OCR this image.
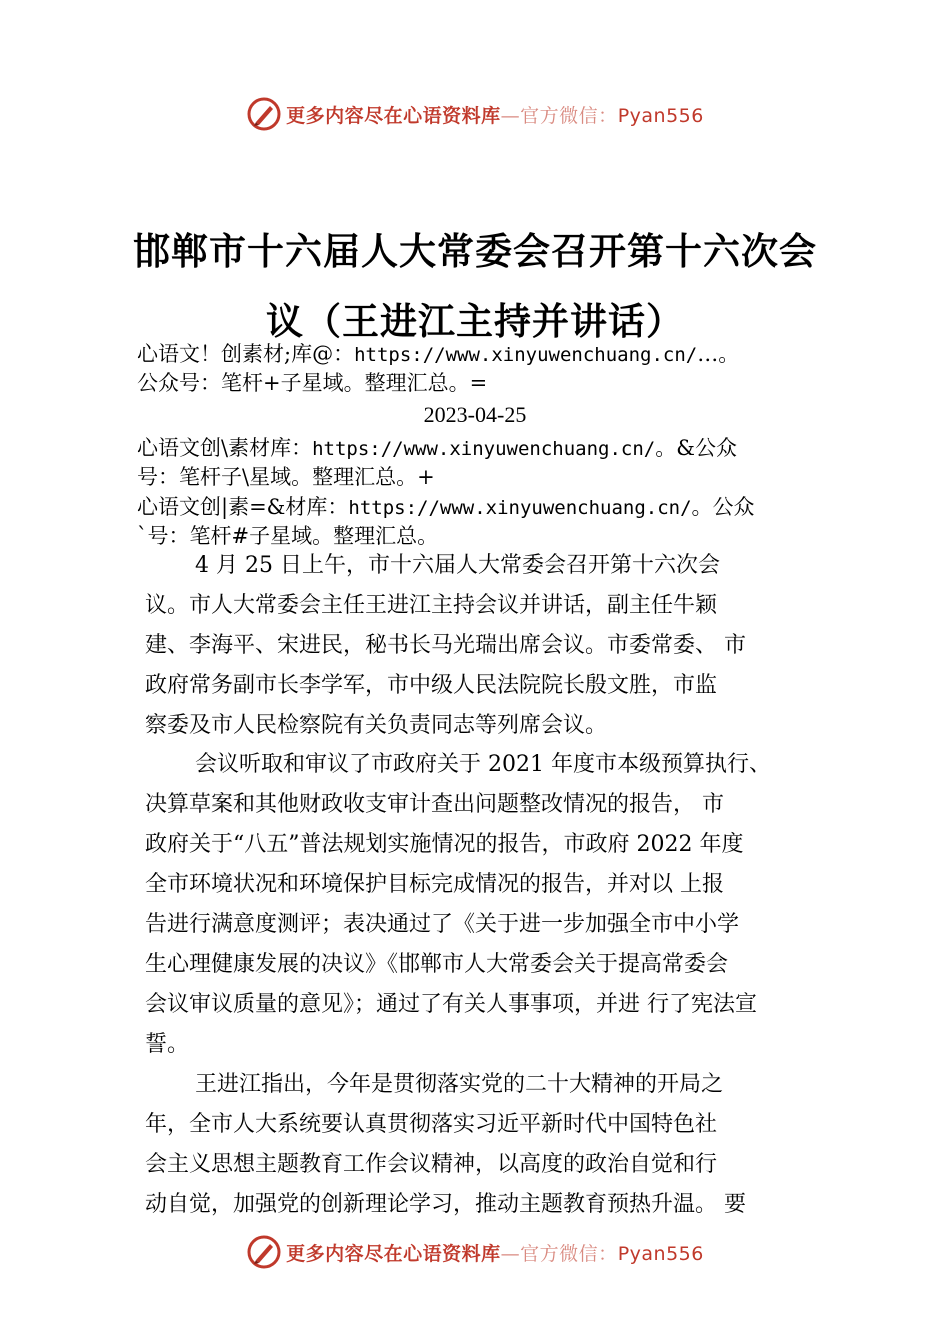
更多内容尽在心语资料库—官方微信：Pyan556
邯郸市十六届人大常委会召开第十六次会
议（王进江主持并讲话）
心语文！创素材;库@：https://www.xinyuwenchuang.cn/…。
公众号：笔杆+子星域。整理汇总。=
2023-04-25
心语文创\素材库：https://www.xinyuwenchuang.cn/。&公众
号：笔杆子\星域。整理汇总。+
心语文创|素=&材库：https://www.xinyuwenchuang.cn/。公众
`号：笔杆#子星域。整理汇总。
4 月 25 日上午，市十六届人大常委会召开第十六次会
议。市人大常委会主任王进江主持会议并讲话，副主任牛颖
建、李海平、宋进民，秘书长马光瑞出席会议。市委常委、 市
政府常务副市长李学军，市中级人民法院院长殷文胜，市监
察委及市人民检察院有关负责同志等列席会议。
会议听取和审议了市政府关于 2021 年度市本级预算执行、
决算草案和其他财政收支审计查出问题整改情况的报告， 市
政府关于“八五”普法规划实施情况的报告，市政府 2022 年度
全市环境状况和环境保护目标完成情况的报告，并对以 上报
告进行满意度测评；表决通过了《关于进一步加强全市中小学
生心理健康发展的决议》《邯郸市人大常委会关于提高常委会
会议审议质量的意见》；通过了有关人事事项，并进 行了宪法宣
誓。
王进江指出，今年是贯彻落实党的二十大精神的开局之
年，全市人大系统要认真贯彻落实习近平新时代中国特色社
会主义思想主题教育工作会议精神，以高度的政治自觉和行
动自觉，加强党的创新理论学习，推动主题教育预热升温。 要
更多内容尽在心语资料库—官方微信：Pyan556
